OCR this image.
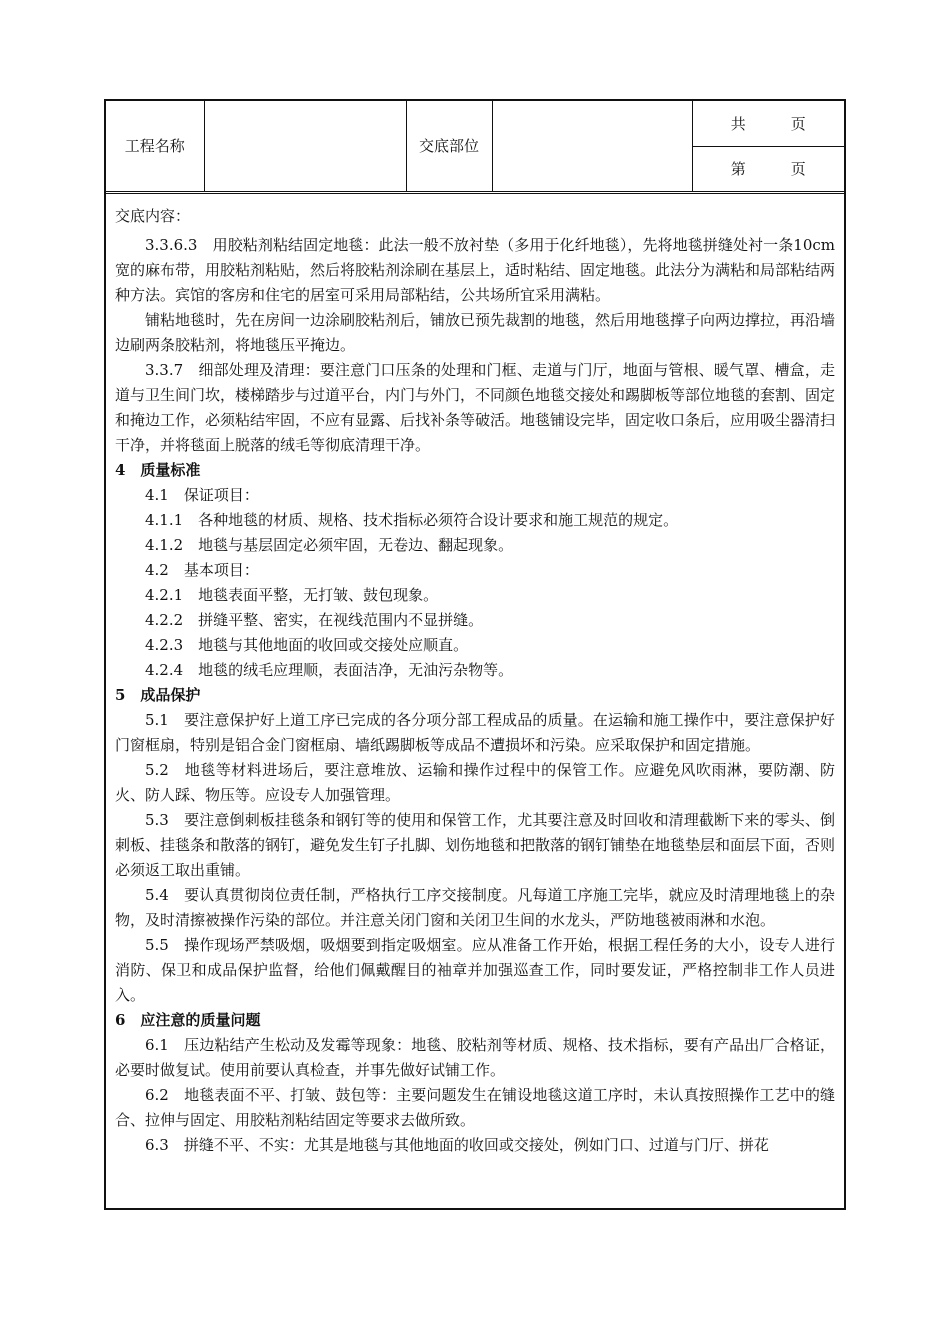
工程名称		交底部位		共　　　页
第　　　页

交底内容：

3.3.6.3　用胶粘剂粘结固定地毯：此法一般不放衬垫（多用于化纤地毯），先将地毯拼缝处衬一条10cm宽的麻布带，用胶粘剂粘贴，然后将胶粘剂涂刷在基层上，适时粘结、固定地毯。此法分为满粘和局部粘结两种方法。宾馆的客房和住宅的居室可采用局部粘结，公共场所宜采用满粘。

铺粘地毯时，先在房间一边涂刷胶粘剂后，铺放已预先裁割的地毯，然后用地毯撑子向两边撑拉，再沿墙边刷两条胶粘剂，将地毯压平掩边。

3.3.7　细部处理及清理：要注意门口压条的处理和门框、走道与门厅，地面与管根、暖气罩、槽盒，走道与卫生间门坎，楼梯踏步与过道平台，内门与外门，不同颜色地毯交接处和踢脚板等部位地毯的套割、固定和掩边工作，必须粘结牢固，不应有显露、后找补条等破活。地毯铺设完毕，固定收口条后，应用吸尘器清扫干净，并将毯面上脱落的绒毛等彻底清理干净。

4　质量标准

4.1　保证项目：

4.1.1　各种地毯的材质、规格、技术指标必须符合设计要求和施工规范的规定。

4.1.2　地毯与基层固定必须牢固，无卷边、翻起现象。

4.2　基本项目：

4.2.1　地毯表面平整，无打皱、鼓包现象。

4.2.2　拼缝平整、密实，在视线范围内不显拼缝。

4.2.3　地毯与其他地面的收回或交接处应顺直。

4.2.4　地毯的绒毛应理顺，表面洁净，无油污杂物等。

5　成品保护

5.1　要注意保护好上道工序已完成的各分项分部工程成品的质量。在运输和施工操作中，要注意保护好门窗框扇，特别是铝合金门窗框扇、墙纸踢脚板等成品不遭损坏和污染。应采取保护和固定措施。

5.2　地毯等材料进场后，要注意堆放、运输和操作过程中的保管工作。应避免风吹雨淋，要防潮、防火、防人踩、物压等。应设专人加强管理。

5.3　要注意倒刺板挂毯条和钢钉等的使用和保管工作，尤其要注意及时回收和清理截断下来的零头、倒刺板、挂毯条和散落的钢钉，避免发生钉子扎脚、划伤地毯和把散落的钢钉铺垫在地毯垫层和面层下面，否则必须返工取出重铺。

5.4　要认真贯彻岗位责任制，严格执行工序交接制度。凡每道工序施工完毕，就应及时清理地毯上的杂物，及时清擦被操作污染的部位。并注意关闭门窗和关闭卫生间的水龙头，严防地毯被雨淋和水泡。

5.5　操作现场严禁吸烟，吸烟要到指定吸烟室。应从准备工作开始，根据工程任务的大小，设专人进行消防、保卫和成品保护监督，给他们佩戴醒目的袖章并加强巡查工作，同时要发证，严格控制非工作人员进入。

6　应注意的质量问题

6.1　压边粘结产生松动及发霉等现象：地毯、胶粘剂等材质、规格、技术指标，要有产品出厂合格证，必要时做复试。使用前要认真检查，并事先做好试铺工作。

6.2　地毯表面不平、打皱、鼓包等：主要问题发生在铺设地毯这道工序时，未认真按照操作工艺中的缝合、拉伸与固定、用胶粘剂粘结固定等要求去做所致。

6.3　拼缝不平、不实：尤其是地毯与其他地面的收回或交接处，例如门口、过道与门厅、拼花
